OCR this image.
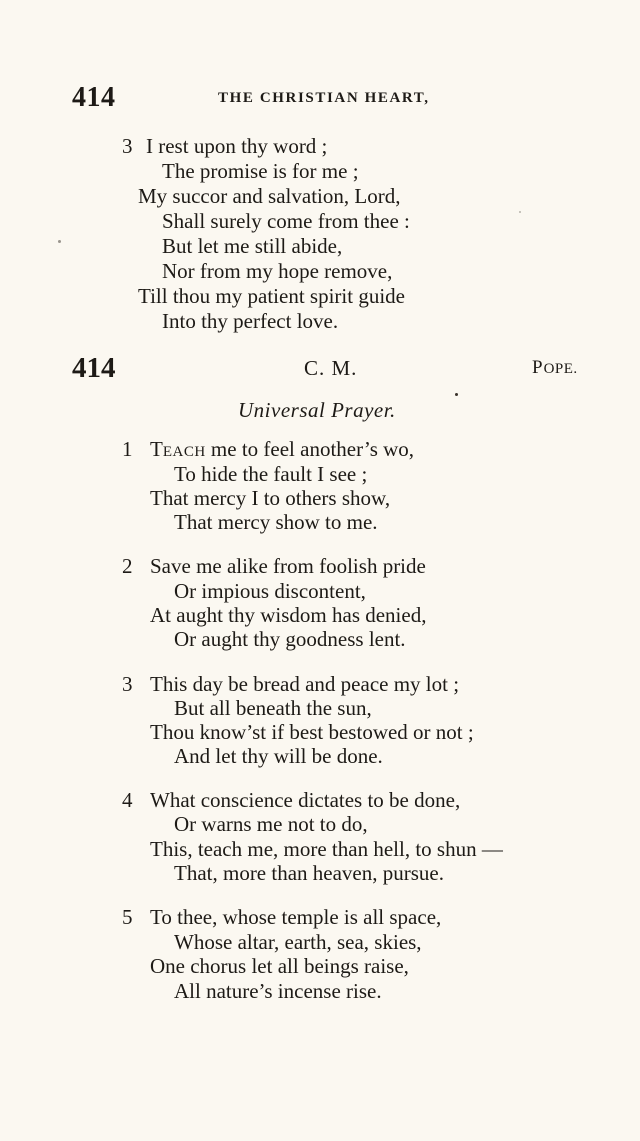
414	THE CHRISTIAN HEART,
3 I rest upon thy word ;
The promise is for me ;
My succor and salvation, Lord,
Shall surely come from thee :
But let me still abide,
Nor from my hope remove,
Till thou my patient spirit guide
Into thy perfect love.
414	C. M.	POPE.
Universal Prayer.
1 TEACH me to feel another’s wo,
To hide the fault I see ;
That mercy I to others show,
That mercy show to me.
2 Save me alike from foolish pride
Or impious discontent,
At aught thy wisdom has denied,
Or aught thy goodness lent.
3 This day be bread and peace my lot ;
But all beneath the sun,
Thou know’st if best bestowed or not ;
And let thy will be done.
4 What conscience dictates to be done,
Or warns me not to do,
This, teach me, more than hell, to shun —
That, more than heaven, pursue.
5 To thee, whose temple is all space,
Whose altar, earth, sea, skies,
One chorus let all beings raise,
All nature’s incense rise.
